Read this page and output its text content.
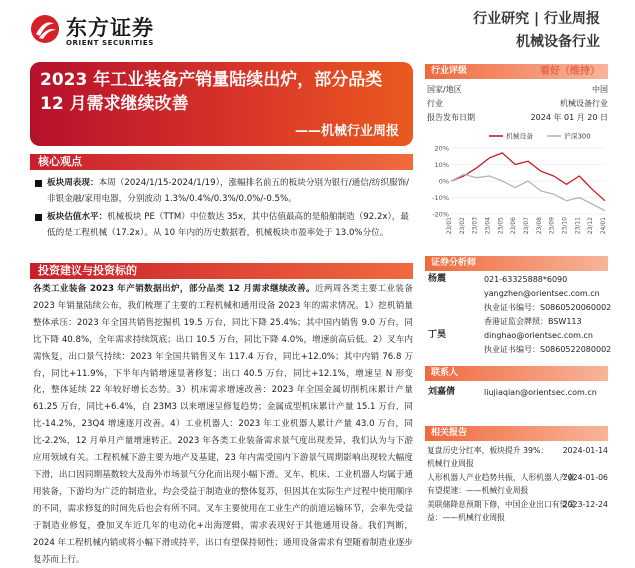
东方证券
ORIENT SECURITIES
行业研究 | 行业周报
机械设备行业
2023 年工业装备产销量陆续出炉，部分品类 12 月需求继续改善
——机械行业周报
核心观点
板块周表现：本周（2024/1/15-2024/1/19），涨幅排名前五的板块分别为银行/通信/纺织服饰/非银金融/家用电器，分别波动 1.3%/0.4%/0.3%/0.0%/-0.5%。
板块估值水平：机械板块 PE（TTM）中位数达 35x，其中估值最高的是船舶制造（92.2x），最低的是工程机械（17.2x）。从 10 年内的历史数据看，机械板块市盈率处于 13.0%分位。
投资建议与投资标的
各类工业装备 2023 年产销数据出炉，部分品类 12 月需求继续改善。近两周各类主要工业装备 2023 年销量陆续公布，我们梳理了主要的工程机械和通用设备 2023 年的需求情况。1）挖机销量整体承压：2023 年全国共销售挖掘机 19.5 万台，同比下降 25.4%；其中国内销售 9.0 万台，同比下降 40.8%，全年需求持续筑底；出口 10.5 万台，同比下降 4.0%，增速前高后低。2）叉车内需恢复，出口景气持续：2023 年全国共销售叉车 117.4 万台，同比+12.0%；其中内销 76.8 万台，同比+11.9%，下半年内销增速显著修复；出口 40.5 万台，同比+12.1%，增速呈 N 形变化，整体延续 22 年较好增长态势。3）机床需求增速改善：2023 年全国金属切削机床累计产量 61.25 万台，同比+6.4%，自 23M3 以来增速呈修复趋势；金属成型机床累计产量 15.1 万台，同比-14.2%，23Q4 增速逐月改善。4）工业机器人：2023 年工业机器人累计产量 43.0 万台，同比-2.2%，12 月单月产量增速转正。2023 年各类工业装备需求景气度出现差异，我们认为与下游应用领域有关。工程机械下游主要为地产及基建，23 年内需受国内下游景气周期影响出现较大幅度下滑，出口因同期基数较大及海外市场景气分化而出现小幅下滑。叉车、机床、工业机器人均属于通用装备，下游均为广泛的制造业，均会受益于制造业的整体复苏，但因其在实际生产过程中使用顺序的不同，需求修复的时间先后也会有所不同。叉车主要使用在工业生产的前道运输环节，会率先受益于制造业修复，叠加叉车近几年的电动化+出海逻辑，需求表现好于其他通用设备。我们判断，2024 年工程机械内销或将小幅下滑或持平，出口有望保持韧性；通用设备需求有望随着制造业逐步复苏而上行。
行业评级	看好（维持）
国家/地区	中国
行业	机械设备行业
报告发布日期	2024 年 01 月 20 日
20%
10%
0%
-10%
-20%
23/01 23/02 23/03 23/04 23/05 23/06 23/07 23/08 23/09 23/10 23/11 23/12 24/01
机械设备	沪深300
证券分析师
杨震	021-63325888*6090
yangzhen@orientsec.com.cn
执业证书编号：S0860520060002
香港证监会牌照：BSW113
丁昊	dinghao@orientsec.com.cn
执业证书编号：S0860522080002
联系人
刘嘉倩	liujiaqian@orientsec.com.cn
相关报告
复盘历史分红率，板块提升 39%：
机械行业周报
2024-01-14
人形机器人产业趋势共振，人形机器人产业
有望提速：——机械行业周报
2024-01-06
美联储降息预期下修，中国企业出口有望受
益：——机械行业周报
2023-12-24
